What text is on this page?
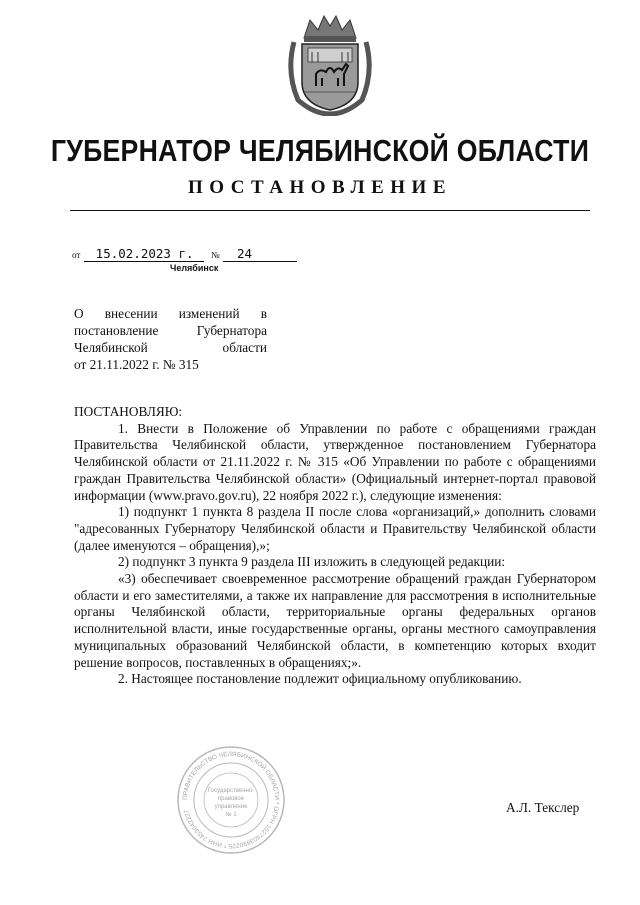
ГУБЕРНАТОР ЧЕЛЯБИНСКОЙ ОБЛАСТИ
ПОСТАНОВЛЕНИЕ
от 15.02.2023 г. № 24
Челябинск
О внесении изменений в
постановление Губернатора
Челябинской области
от 21.11.2022 г. № 315

ПОСТАНОВЛЯЮ:

1. Внести в Положение об Управлении по работе с обращениями граждан Правительства Челябинской области, утвержденное постановлением Губернатора Челябинской области от 21.11.2022 г. № 315 «Об Управлении по работе с обращениями граждан Правительства Челябинской области» (Официальный интернет-портал правовой информации (www.pravo.gov.ru), 22 ноября 2022 г.), следующие изменения:

1) подпункт 1 пункта 8 раздела II после слова «организаций,» дополнить словами "адресованных Губернатору Челябинской области и Правительству Челябинской области (далее именуются – обращения),»;

2) подпункт 3 пункта 9 раздела III изложить в следующей редакции:

«3) обеспечивает своевременное рассмотрение обращений граждан Губернатором области и его заместителями, а также их направление для рассмотрения в исполнительные органы Челябинской области, территориальные органы федеральных органов исполнительной власти, иные государственные органы, органы местного самоуправления муниципальных образований Челябинской области, в компетенцию которых входит решение вопросов, поставленных в обращениях;».

2. Настоящее постановление подлежит официальному опубликованию.

ПРАВИТЕЛЬСТВО ЧЕЛЯБИНСКОЙ ОБЛАСТИ * ОГРН 1027403890225 * ИНН 7453042227
Государственно-
правовое
управление
№ 1	А.Л. Текслер
